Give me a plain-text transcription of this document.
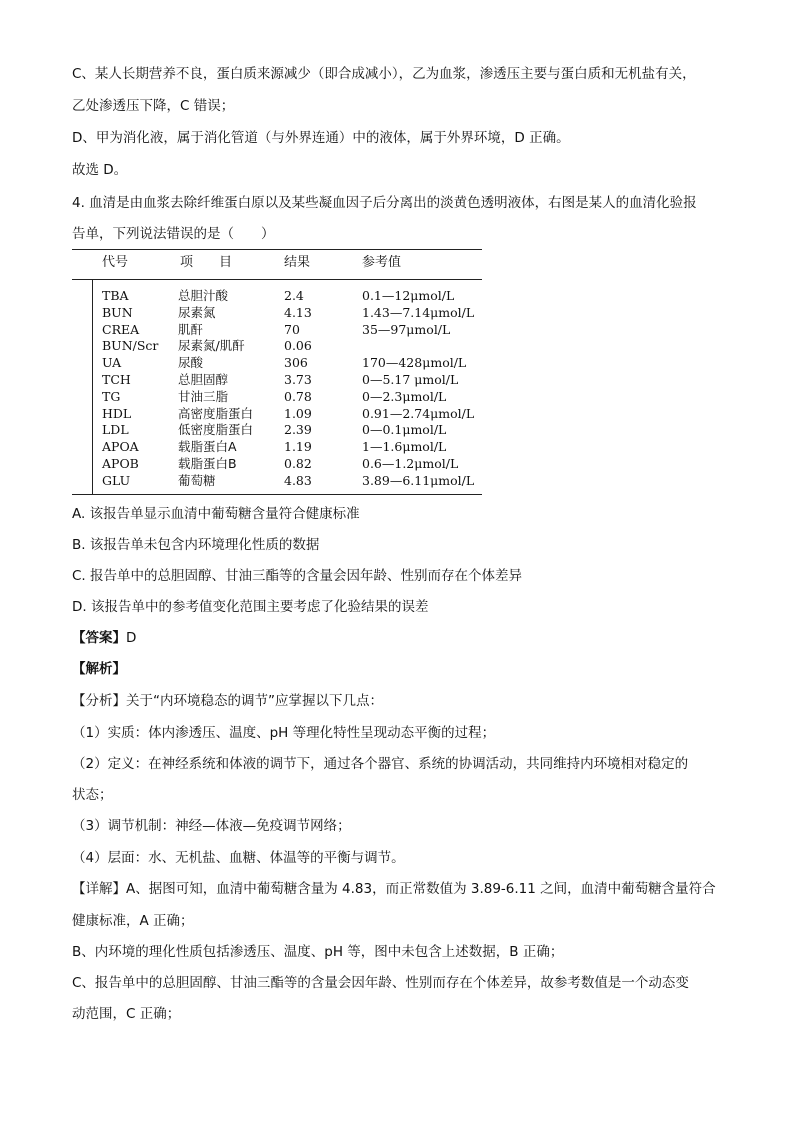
C、某人长期营养不良，蛋白质来源减少（即合成减小），乙为血浆，渗透压主要与蛋白质和无机盐有关，
乙处渗透压下降，C 错误；
D、甲为消化液，属于消化管道（与外界连通）中的液体，属于外界环境，D 正确。
故选 D。
4. 血清是由血浆去除纤维蛋白原以及某些凝血因子后分离出的淡黄色透明液体，右图是某人的血清化验报
告单，下列说法错误的是（　　）
代号	项　　目	结果	参考值
TBA	总胆汁酸	2.4	0.1—12μmol/L
BUN	尿素氮	4.13	1.43—7.14μmol/L
CREA	肌酐	70	35—97μmol/L
BUN/Scr 尿素氮/肌酐	0.06
UA	尿酸	306	170—428μmol/L
TCH	总胆固醇	3.73	0—5.17 μmol/L
TG	甘油三脂	0.78	0—2.3μmol/L
HDL	高密度脂蛋白 1.09	0.91—2.74μmol/L
LDL	低密度脂蛋白 2.39	0—0.1μmol/L
APOA	载脂蛋白A	1.19	1—1.6μmol/L
APOB	载脂蛋白B	0.82	0.6—1.2μmol/L
GLU	葡萄糖	4.83	3.89—6.11μmol/L
A. 该报告单显示血清中葡萄糖含量符合健康标准
B. 该报告单未包含内环境理化性质的数据
C. 报告单中的总胆固醇、甘油三酯等的含量会因年龄、性别而存在个体差异
D. 该报告单中的参考值变化范围主要考虑了化验结果的误差
【答案】D
【解析】
【分析】关于“内环境稳态的调节”应掌握以下几点：
（1）实质：体内渗透压、温度、pH 等理化特性呈现动态平衡的过程；
（2）定义：在神经系统和体液的调节下，通过各个器官、系统的协调活动，共同维持内环境相对稳定的
状态；
（3）调节机制：神经—体液—免疫调节网络；
（4）层面：水、无机盐、血糖、体温等的平衡与调节。
【详解】A、据图可知，血清中葡萄糖含量为 4.83，而正常数值为 3.89-6.11 之间，血清中葡萄糖含量符合
健康标准，A 正确；
B、内环境的理化性质包括渗透压、温度、pH 等，图中未包含上述数据，B 正确；
C、报告单中的总胆固醇、甘油三酯等的含量会因年龄、性别而存在个体差异，故参考数值是一个动态变
动范围，C 正确；
